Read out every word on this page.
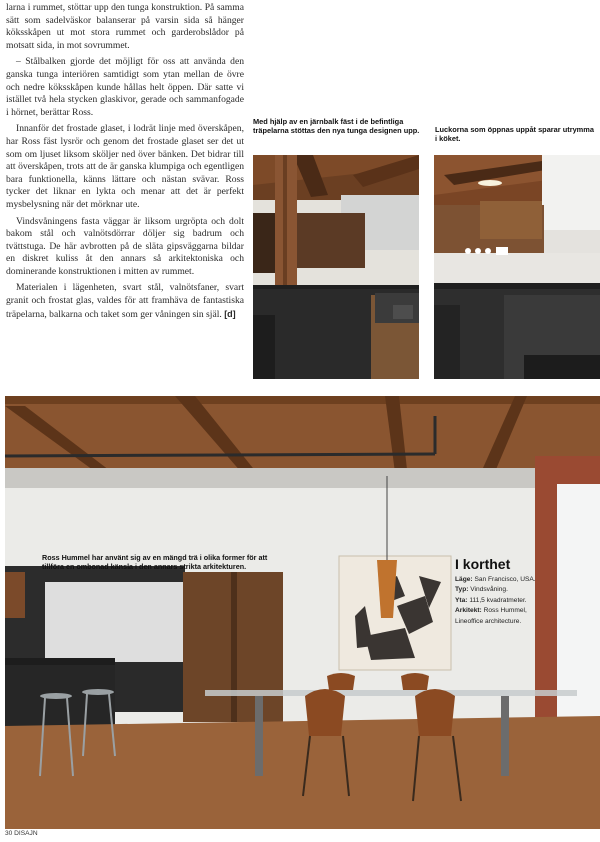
larna i rummet, stöttar upp den tunga konstruktion. På samma sätt som sadelväskor balanserar på varsin sida så hänger köksskåpen ut mot stora rummet och garderobslådor på motsatt sida, in mot sovrummet.

– Stålbalken gjorde det möjligt för oss att använda den ganska tunga interiören samtidigt som ytan mellan de övre och nedre köksskåpen kunde hållas helt öppen. Där satte vi istället två hela stycken glaskivor, gerade och sammanfogade i hörnet, berättar Ross.

Innanför det frostade glaset, i lodrät linje med överskåpen, har Ross fäst lysrör och genom det frostade glaset ser det ut som om ljuset liksom skölјer ned över bänken. Det bidrar till att överskåpen, trots att de är ganska klumpiga och egentligen bara funktionella, känns lättare och nästan svävar. Ross tycker det liknar en lykta och menar att det är perfekt mysbelysning när det mörknar ute.

Vindsvåningens fasta väggar är liksom urgröpta och dolt bakom stål och valnötsdörrar döljer sig badrum och tvättstuga. De här avbrotten på de släta gipsväggarna bildar en diskret kuliss åt den annars så arkitektoniska och dominerande konstruktionen i mitten av rummet.

Materialen i lägenheten, svart stål, valnötsfaner, svart granit och frostat glas, valdes för att framhäva de fantastiska träpelarna, balkarna och taket som ger våningen sin själ. [d]

Med hjälp av en järnbalk fäst i de befintliga träpelarna stöttas den nya tunga designen upp.	Luckorna som öppnas uppåt sparar utrymma i köket.
Ross Hummel har använt sig av en mängd trä i olika former för att tillföra en ombonad känsla i den annars strikta arkitekturen.	I korthet
Läge: San Francisco, USA.
Typ: Vindsvåning.
Yta: 111,5 kvadratmeter.
Arkitekt: Ross Hummel,
Lineoffice architecture.
30 DISAJN
